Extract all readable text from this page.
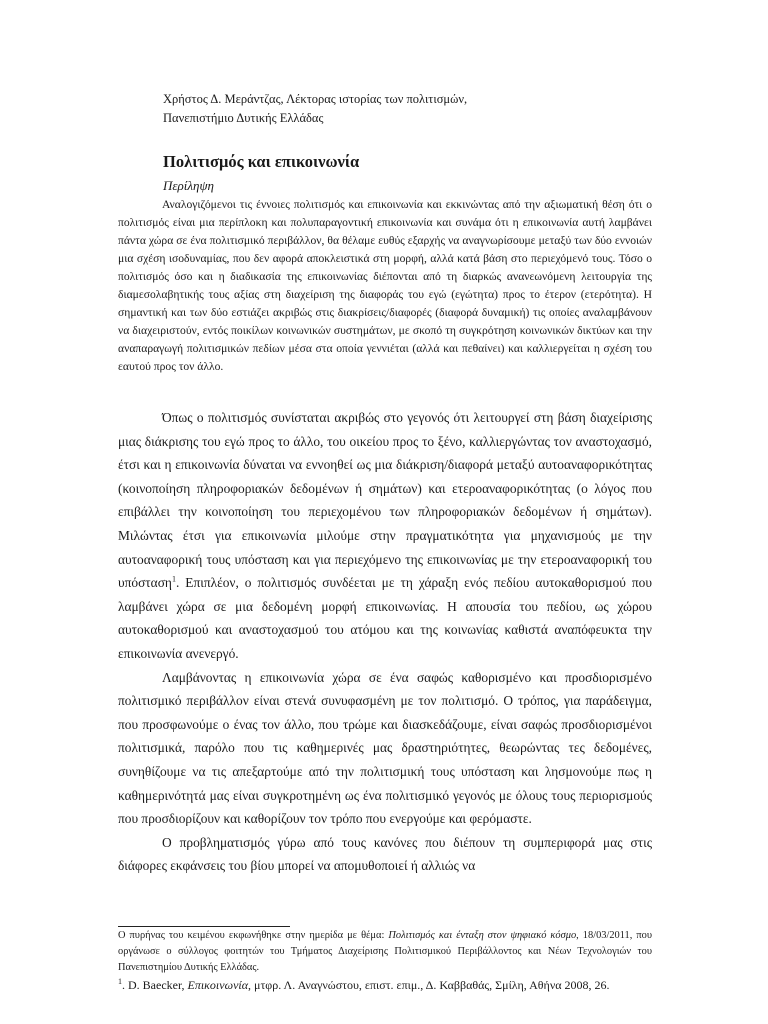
Χρήστος Δ. Μεράντζας, Λέκτορας ιστορίας των πολιτισμών,
Πανεπιστήμιο Δυτικής Ελλάδας
Πολιτισμός και επικοινωνία
Περίληψη
Αναλογιζόμενοι τις έννοιες πολιτισμός και επικοινωνία και εκκινώντας από την αξιωματική θέση ότι ο πολιτισμός είναι μια περίπλοκη και πολυπαραγοντική επικοινωνία και συνάμα ότι η επικοινωνία αυτή λαμβάνει πάντα χώρα σε ένα πολιτισμικό περιβάλλον, θα θέλαμε ευθύς εξαρχής να αναγνωρίσουμε μεταξύ των δύο εννοιών μια σχέση ισοδυναμίας, που δεν αφορά αποκλειστικά στη μορφή, αλλά κατά βάση στο περιεχόμενό τους. Τόσο ο πολιτισμός όσο και η διαδικασία της επικοινωνίας διέπονται από τη διαρκώς ανανεωνόμενη λειτουργία της διαμεσολαβητικής τους αξίας στη διαχείριση της διαφοράς του εγώ (εγώτητα) προς το έτερον (ετερότητα). Η σημαντική και των δύο εστιάζει ακριβώς στις διακρίσεις/διαφορές (διαφορά δυναμική) τις οποίες αναλαμβάνουν να διαχειριστούν, εντός ποικίλων κοινωνικών συστημάτων, με σκοπό τη συγκρότηση κοινωνικών δικτύων και την αναπαραγωγή πολιτισμικών πεδίων μέσα στα οποία γεννιέται (αλλά και πεθαίνει) και καλλιεργείται η σχέση του εαυτού προς τον άλλο.

Όπως ο πολιτισμός συνίσταται ακριβώς στο γεγονός ότι λειτουργεί στη βάση διαχείρισης μιας διάκρισης του εγώ προς το άλλο, του οικείου προς το ξένο, καλλιεργώντας τον αναστοχασμό, έτσι και η επικοινωνία δύναται να εννοηθεί ως μια διάκριση/διαφορά μεταξύ αυτοαναφορικότητας (κοινοποίηση πληροφοριακών δεδομένων ή σημάτων) και ετεροαναφορικότητας (ο λόγος που επιβάλλει την κοινοποίηση του περιεχομένου των πληροφοριακών δεδομένων ή σημάτων). Μιλώντας έτσι για επικοινωνία μιλούμε στην πραγματικότητα για μηχανισμούς με την αυτοαναφορική τους υπόσταση και για περιεχόμενο της επικοινωνίας με την ετεροαναφορική του υπόσταση$^1$. Επιπλέον, ο πολιτισμός συνδέεται με τη χάραξη ενός πεδίου αυτοκαθορισμού που λαμβάνει χώρα σε μια δεδομένη μορφή επικοινωνίας. Η απουσία του πεδίου, ως χώρου αυτοκαθορισμού και αναστοχασμού του ατόμου και της κοινωνίας καθιστά αναπόφευκτα την επικοινωνία ανενεργό.

Λαμβάνοντας η επικοινωνία χώρα σε ένα σαφώς καθορισμένο και προσδιορισμένο πολιτισμικό περιβάλλον είναι στενά συνυφασμένη με τον πολιτισμό. Ο τρόπος, για παράδειγμα, που προσφωνούμε ο ένας τον άλλο, που τρώμε και διασκεδάζουμε, είναι σαφώς προσδιορισμένοι πολιτισμικά, παρόλο που τις καθημερινές μας δραστηριότητες, θεωρώντας τες δεδομένες, συνηθίζουμε να τις απεξαρτούμε από την πολιτισμική τους υπόσταση και λησμονούμε πως η καθημερινότητά μας είναι συγκροτημένη ως ένα πολιτισμικό γεγονός με όλους τους περιορισμούς που προσδιορίζουν και καθορίζουν τον τρόπο που ενεργούμε και φερόμαστε.

Ο προβληματισμός γύρω από τους κανόνες που διέπουν τη συμπεριφορά μας στις διάφορες εκφάνσεις του βίου μπορεί να απομυθοποιεί ή αλλιώς να

Ο πυρήνας του κειμένου εκφωνήθηκε στην ημερίδα με θέμα: Πολιτισμός και ένταξη στον ψηφιακό κόσμο, 18/03/2011, που οργάνωσε ο σύλλογος φοιτητών του Τμήματος Διαχείρισης Πολιτισμικού Περιβάλλοντος και Νέων Τεχνολογιών του Πανεπιστημίου Δυτικής Ελλάδας.

$^1$. D. Baecker, Επικοινωνία, μτφρ. Λ. Αναγνώστου, επιστ. επιμ., Δ. Καββαθάς, Σμίλη, Αθήνα 2008, 26.
